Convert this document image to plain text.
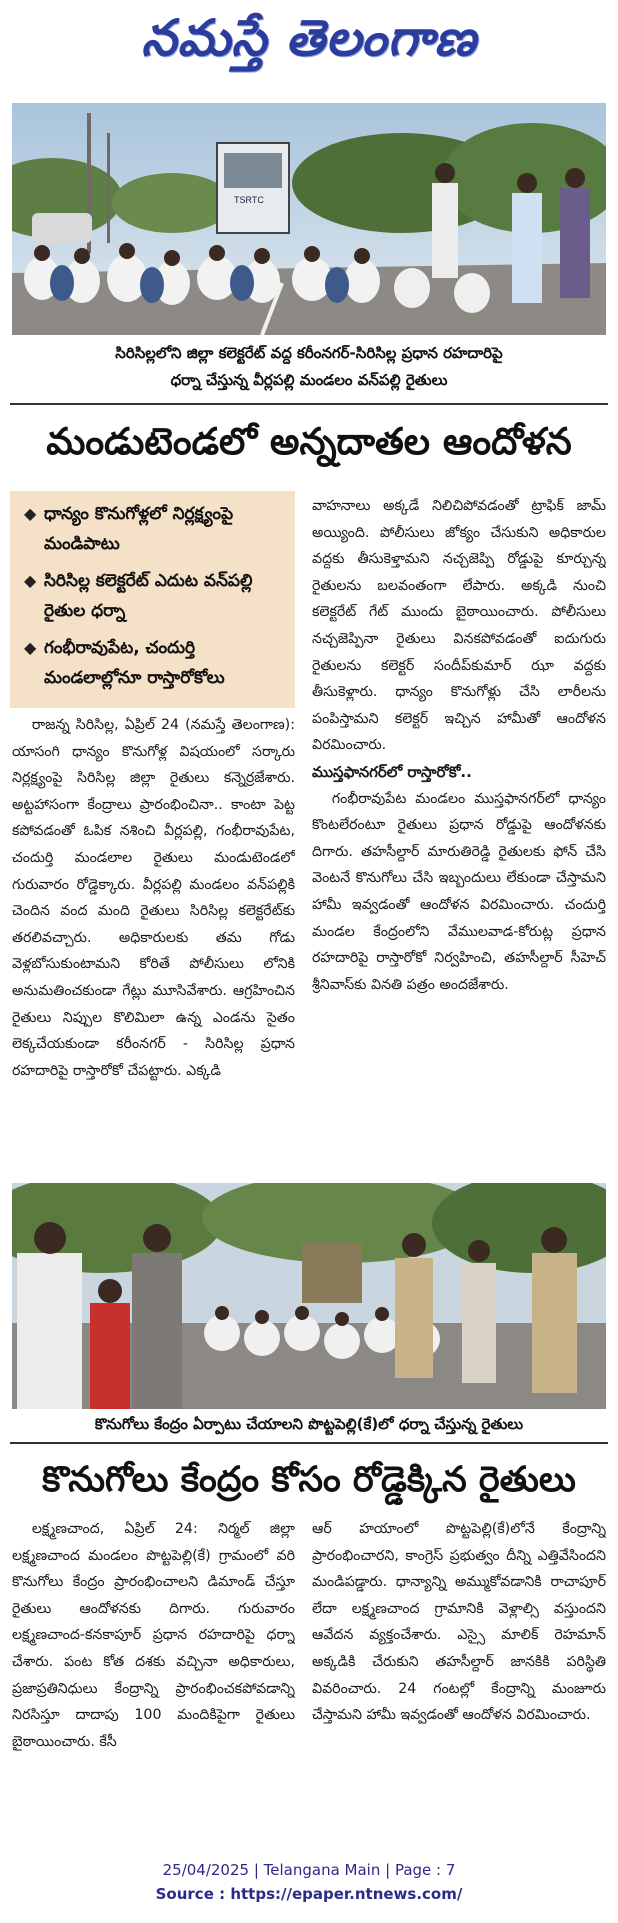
నమస్తే తెలంగాణ
TSRTC
సిరిసిల్లలోని జిల్లా కలెక్టరేట్ వద్ద కరీంనగర్-సిరిసిల్ల ప్రధాన రహదారిపై
ధర్నా చేస్తున్న వీర్లపల్లి మండలం వన్‌పల్లి రైతులు
మండుటెండలో అన్నదాతల ఆందోళన
◆ ధాన్యం కొనుగోళ్లలో నిర్లక్ష్యంపై మండిపాటు
◆ సిరిసిల్ల కలెక్టరేట్ ఎదుట వన్‌పల్లి రైతుల ధర్నా
◆ గంభీరావుపేట, చందుర్తి మండలాల్లోనూ రాస్తారోకోలు

రాజన్న సిరిసిల్ల, ఏప్రిల్ 24 (నమస్తే తెలంగాణ): యాసంగి ధాన్యం కొనుగోళ్ల విషయంలో సర్కారు నిర్లక్ష్యంపై సిరిసిల్ల జిల్లా రైతులు కన్నెర్రజేశారు. అట్టహాసంగా కేంద్రాలు ప్రారంభించినా.. కాంటా పెట్ట కపోవడంతో ఓపిక నశించి వీర్లపల్లి, గంభీరావుపేట, చందుర్తి మండలాల రైతులు మండుటెండలో గురువారం రోడ్డెక్కారు. వీర్లపల్లి మండలం వన్‌పల్లికి చెందిన వంద మంది రైతులు సిరిసిల్ల కలెక్టరేట్‌కు తరలివచ్చారు. అధికారులకు తమ గోడు వెళ్లబోసుకుంటామని కోరితే పోలీసులు లోనికి అనుమతించకుండా గేట్లు మూసివేశారు. ఆగ్రహించిన రైతులు నిప్పుల కొలిమిలా ఉన్న ఎండను సైతం లెక్కచేయకుండా కరీంనగర్ - సిరిసిల్ల ప్రధాన రహదారిపై రాస్తారోకో చేపట్టారు. ఎక్కడి

వాహనాలు అక్కడే నిలిచిపోవడంతో ట్రాఫిక్ జామ్ అయ్యింది. పోలీసులు జోక్యం చేసుకుని అధికారుల వద్దకు తీసుకెళ్తామని నచ్చజెప్పి రోడ్డుపై కూర్చున్న రైతులను బలవంతంగా లేపారు. అక్కడి నుంచి కలెక్టరేట్ గేట్ ముందు బైఠాయించారు. పోలీసులు నచ్చజెప్పినా రైతులు వినకపోవడంతో ఐదుగురు రైతులను కలెక్టర్ సందీప్‌కుమార్ ఝా వద్దకు తీసుకెళ్లారు. ధాన్యం కొనుగోళ్లు చేసి లారీలను పంపిస్తామని కలెక్టర్ ఇచ్చిన హామీతో ఆందోళన విరమించారు.

ముస్తఫానగర్‌లో రాస్తారోకో..

గంభీరావుపేట మండలం ముస్తఫానగర్‌లో ధాన్యం కొంటలేరంటూ రైతులు ప్రధాన రోడ్డుపై ఆందోళనకు దిగారు. తహసీల్దార్ మారుతిరెడ్డి రైతులకు ఫోన్ చేసి వెంటనే కొనుగోలు చేసి ఇబ్బందులు లేకుండా చేస్తామని హామీ ఇవ్వడంతో ఆందోళన విరమించారు. చందుర్తి మండల కేంద్రంలోని వేములవాడ-కోరుట్ల ప్రధాన రహదారిపై రాస్తారోకో నిర్వహించి, తహసీల్దార్ సీహెచ్ శ్రీనివాస్‌కు వినతి పత్రం అందజేశారు.

కొనుగోలు కేంద్రం ఏర్పాటు చేయాలని పొట్టపెల్లి(కే)లో ధర్నా చేస్తున్న రైతులు
కొనుగోలు కేంద్రం కోసం రోడ్డెక్కిన రైతులు

లక్ష్మణచాంద, ఏప్రిల్ 24: నిర్మల్ జిల్లా లక్ష్మణచాంద మండలం పొట్టపెల్లి(కే) గ్రామంలో వరి కొనుగోలు కేంద్రం ప్రారంభించాలని డిమాండ్ చేస్తూ రైతులు ఆందోళనకు దిగారు. గురువారం లక్ష్మణచాంద-కనకాపూర్ ప్రధాన రహదారిపై ధర్నా చేశారు. పంట కోత దశకు వచ్చినా అధికారులు, ప్రజాప్రతినిధులు కేంద్రాన్ని ప్రారంభించకపోవడాన్ని నిరసిస్తూ దాదాపు 100 మందికిపైగా రైతులు బైఠాయించారు. కేసీ

ఆర్ హయాంలో పొట్టపెల్లి(కే)లోనే కేంద్రాన్ని ప్రారంభించారని, కాంగ్రెస్ ప్రభుత్వం దీన్ని ఎత్తివేసిందని మండిపడ్డారు. ధాన్యాన్ని అమ్ముకోవడానికి రాచాపూర్ లేదా లక్ష్మణచాంద గ్రామానికి వెళ్లాల్సి వస్తుందని ఆవేదన వ్యక్తంచేశారు. ఎస్సై మాలిక్ రెహమాన్ అక్కడికి చేరుకుని తహసీల్దార్ జానకికి పరిస్థితి వివరించారు. 24 గంటల్లో కేంద్రాన్ని మంజూరు చేస్తామని హామీ ఇవ్వడంతో ఆందోళన విరమించారు.

25/04/2025 | Telangana Main | Page : 7
Source : https://epaper.ntnews.com/
